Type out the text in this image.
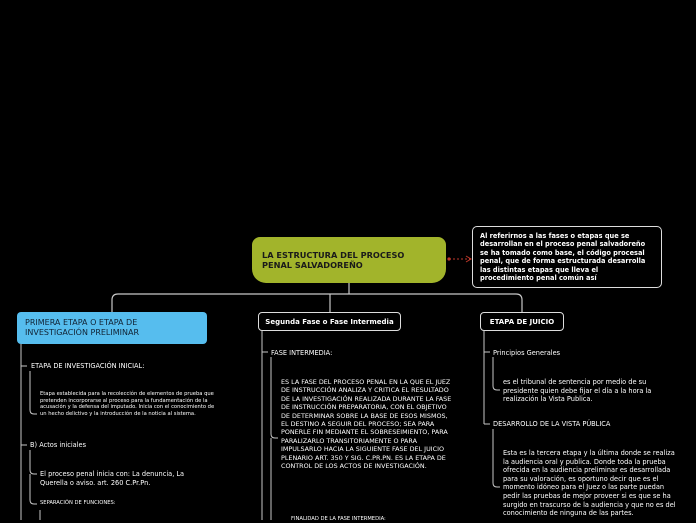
LA ESTRUCTURA DEL PROCESO PENAL SALVADOREÑO
Al referirnos a las fases o etapas que se desarrollan en el proceso penal salvadoreño se ha tomado como base, el código procesal penal, que de forma estructurada desarrolla las distintas etapas que lleva el procedimiento penal común así
PRIMERA ETAPA O ETAPA DE INVESTIGACIÓN PRELIMINAR
ETAPA DE INVESTIGACIÓN INICIAL:
Etapa establecida para la recolección de elementos de prueba que pretenden incorporarse al proceso para la fundamentación de la acusación y la defensa del imputado. Inicia con el conocimiento de un hecho delictivo y la introducción de la noticia al sistema.
B) Actos iniciales
El proceso penal inicia con: La denuncia, La Querella o aviso. art. 260 C.Pr.Pn.
SEPARACIÓN DE FUNCIONES:
Segunda Fase o Fase Intermedia
FASE INTERMEDIA:
ES LA FASE DEL PROCESO PENAL EN LA QUE EL JUEZ DE INSTRUCCIÓN ANALIZA Y CRITICA EL RESULTADO DE LA INVESTIGACIÓN REALIZADA DURANTE LA FASE DE INSTRUCCIÓN PREPARATORIA, CON EL OBJETIVO DE DETERMINAR SOBRE LA BASE DE ESOS MISMOS, EL DESTINO A SEGUIR DEL PROCESO; SEA PARA PONERLE FIN MEDIANTE EL SOBRESEIMIENTO, PARA PARALIZARLO TRANSITORIAMENTE O PARA IMPULSARLO HACIA LA SIGUIENTE FASE DEL JUICIO PLENARIO ART. 350 Y SIG. C.PR.PN. ES LA ETAPA DE CONTROL DE LOS ACTOS DE INVESTIGACIÓN.
FINALIDAD DE LA FASE INTERMEDIA:
ETAPA DE JUICIO
Principios Generales
es el tribunal de sentencia por medio de su presidente quien debe fijar el día a la hora la realización la Vista Publica.
DESARROLLO DE LA VISTA PÚBLICA
Esta es la tercera etapa y la última donde se realiza la audiencia oral y publica. Donde toda la prueba ofrecida en la audiencia preliminar es desarrollada para su valoración, es oportuno decir que es el momento idóneo para el Juez o las parte puedan pedir las pruebas de mejor proveer si es que se ha surgido en trascurso de la audiencia y que no es del conocimiento de ninguna de las partes.
